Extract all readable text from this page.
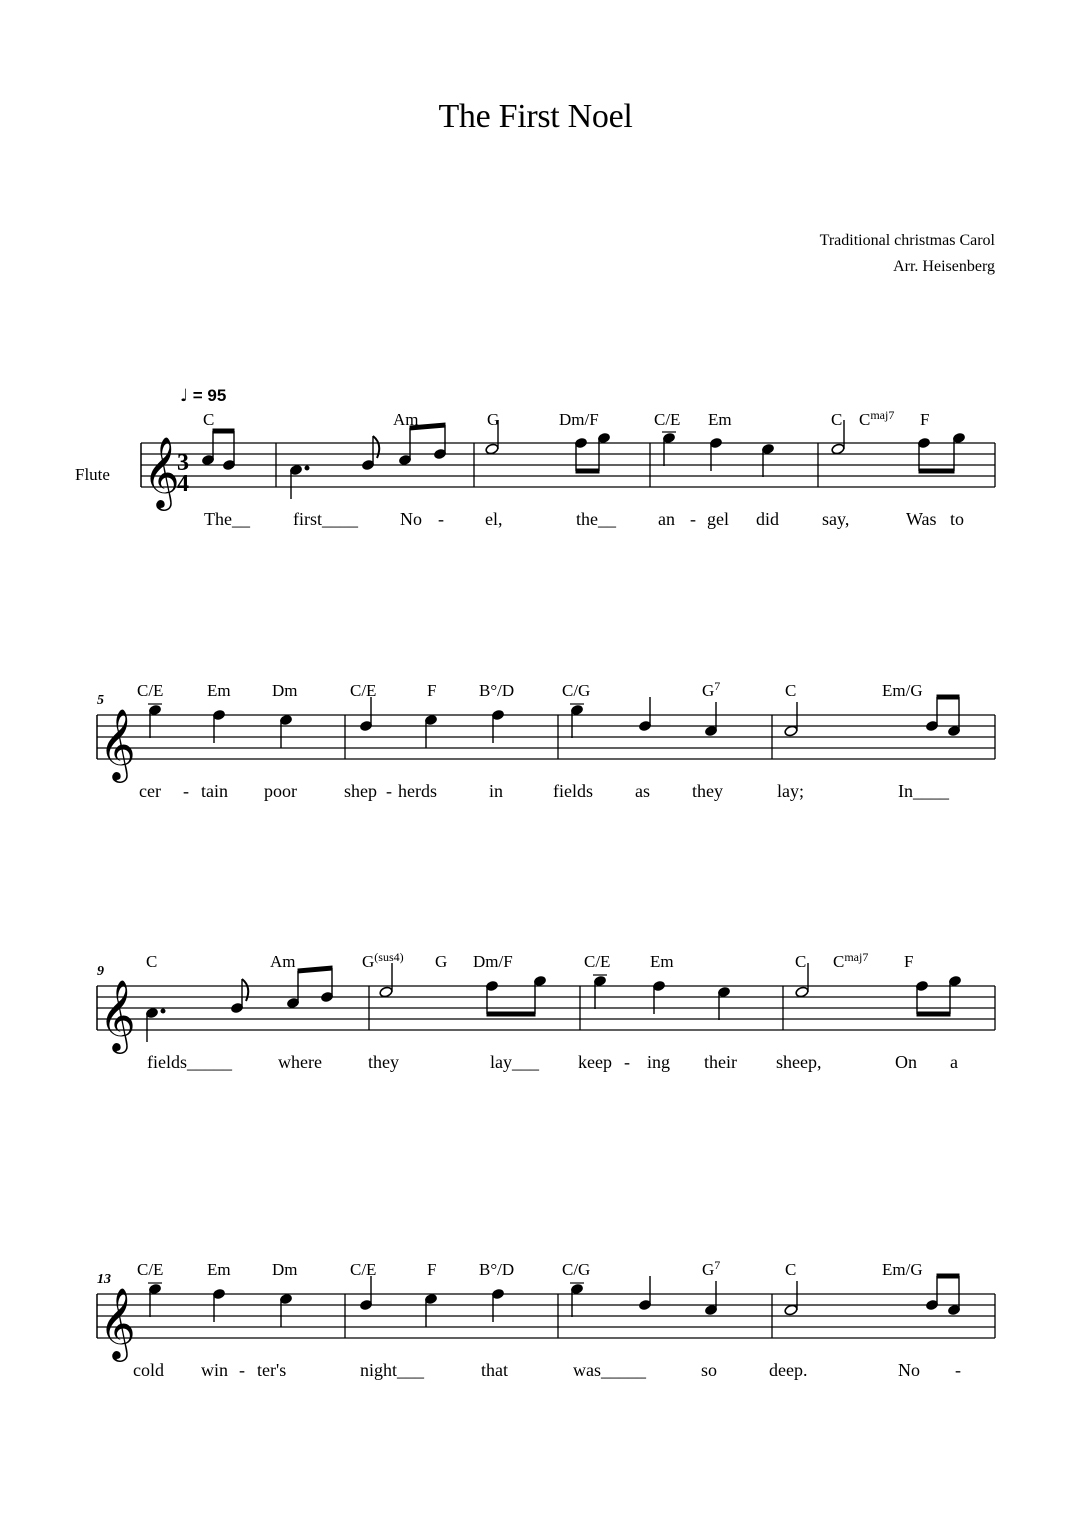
The First Noel
Traditional christmas Carol
Arr. Heisenberg
Flute
♩ = 95
𝄞
3
4
C	Am	G	Dm/F	C/E Em	C $C^{maj7}$ F
The__ first____ No - el,	the__ an - gel did say,	Was to
5
𝄞
C/E	Em Dm	C/E	F	B°/D	C/G	$G^7$	C	Em/G
cer - tain poor	shep - herds	in	fields as they	lay;	In____
9
𝄞
C	Am	$G^{(sus4)}$ G Dm/F	C/E Em	C $C^{maj7}$ F
fields_____	where	they	lay___ keep - ing their sheep,	On a
13
𝄞
C/E	Em Dm	C/E	F	B°/D	C/G	$G^7$	C	Em/G
cold win - ter's	night___	that	was_____	so	deep.	No -
